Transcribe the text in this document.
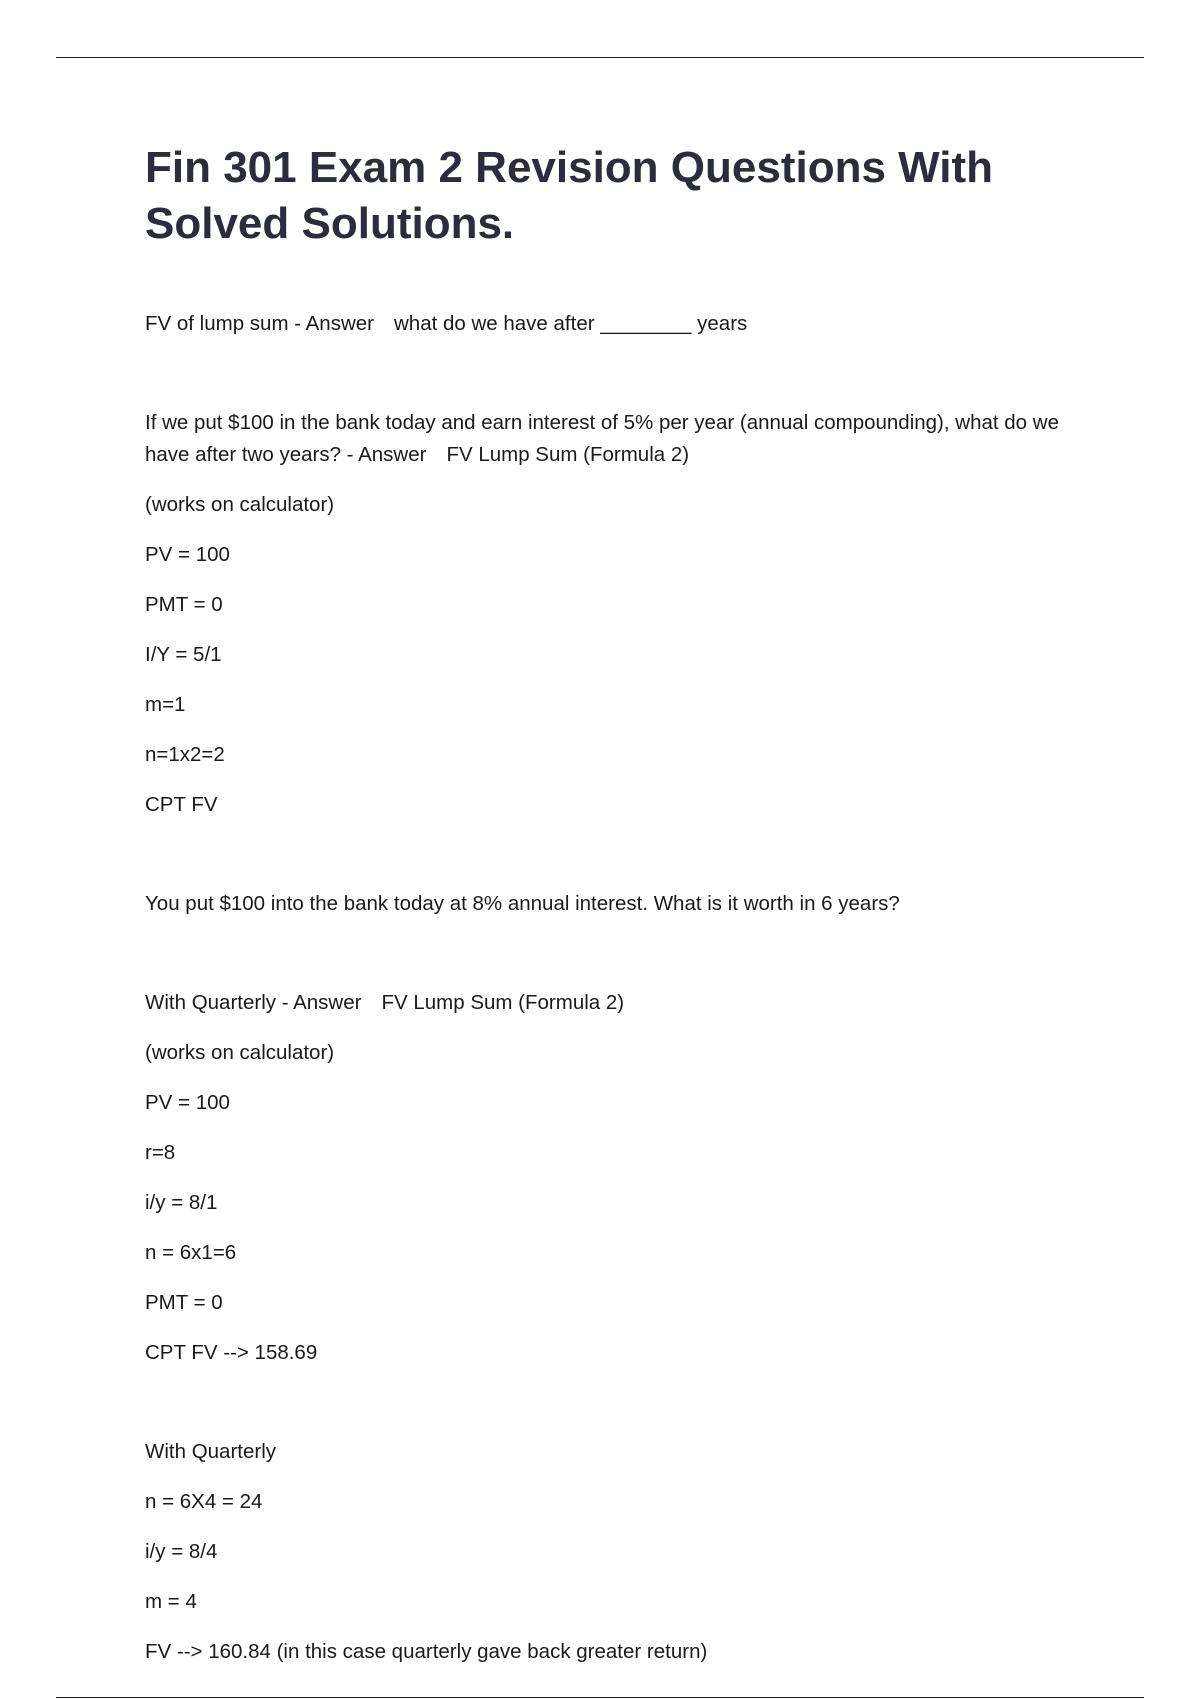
Fin 301 Exam 2 Revision Questions With Solved Solutions.

FV of lump sum - Answer what do we have after ________ years

If we put $100 in the bank today and earn interest of 5% per year (annual compounding), what do we have after two years? - Answer FV Lump Sum (Formula 2)

(works on calculator)

PV = 100

PMT = 0

I/Y = 5/1

m=1

n=1x2=2

CPT FV

You put $100 into the bank today at 8% annual interest. What is it worth in 6 years?

With Quarterly - Answer FV Lump Sum (Formula 2)

(works on calculator)

PV = 100

r=8

i/y = 8/1

n = 6x1=6

PMT = 0

CPT FV --> 158.69

With Quarterly

n = 6X4 = 24

i/y = 8/4

m = 4

FV --> 160.84 (in this case quarterly gave back greater return)
